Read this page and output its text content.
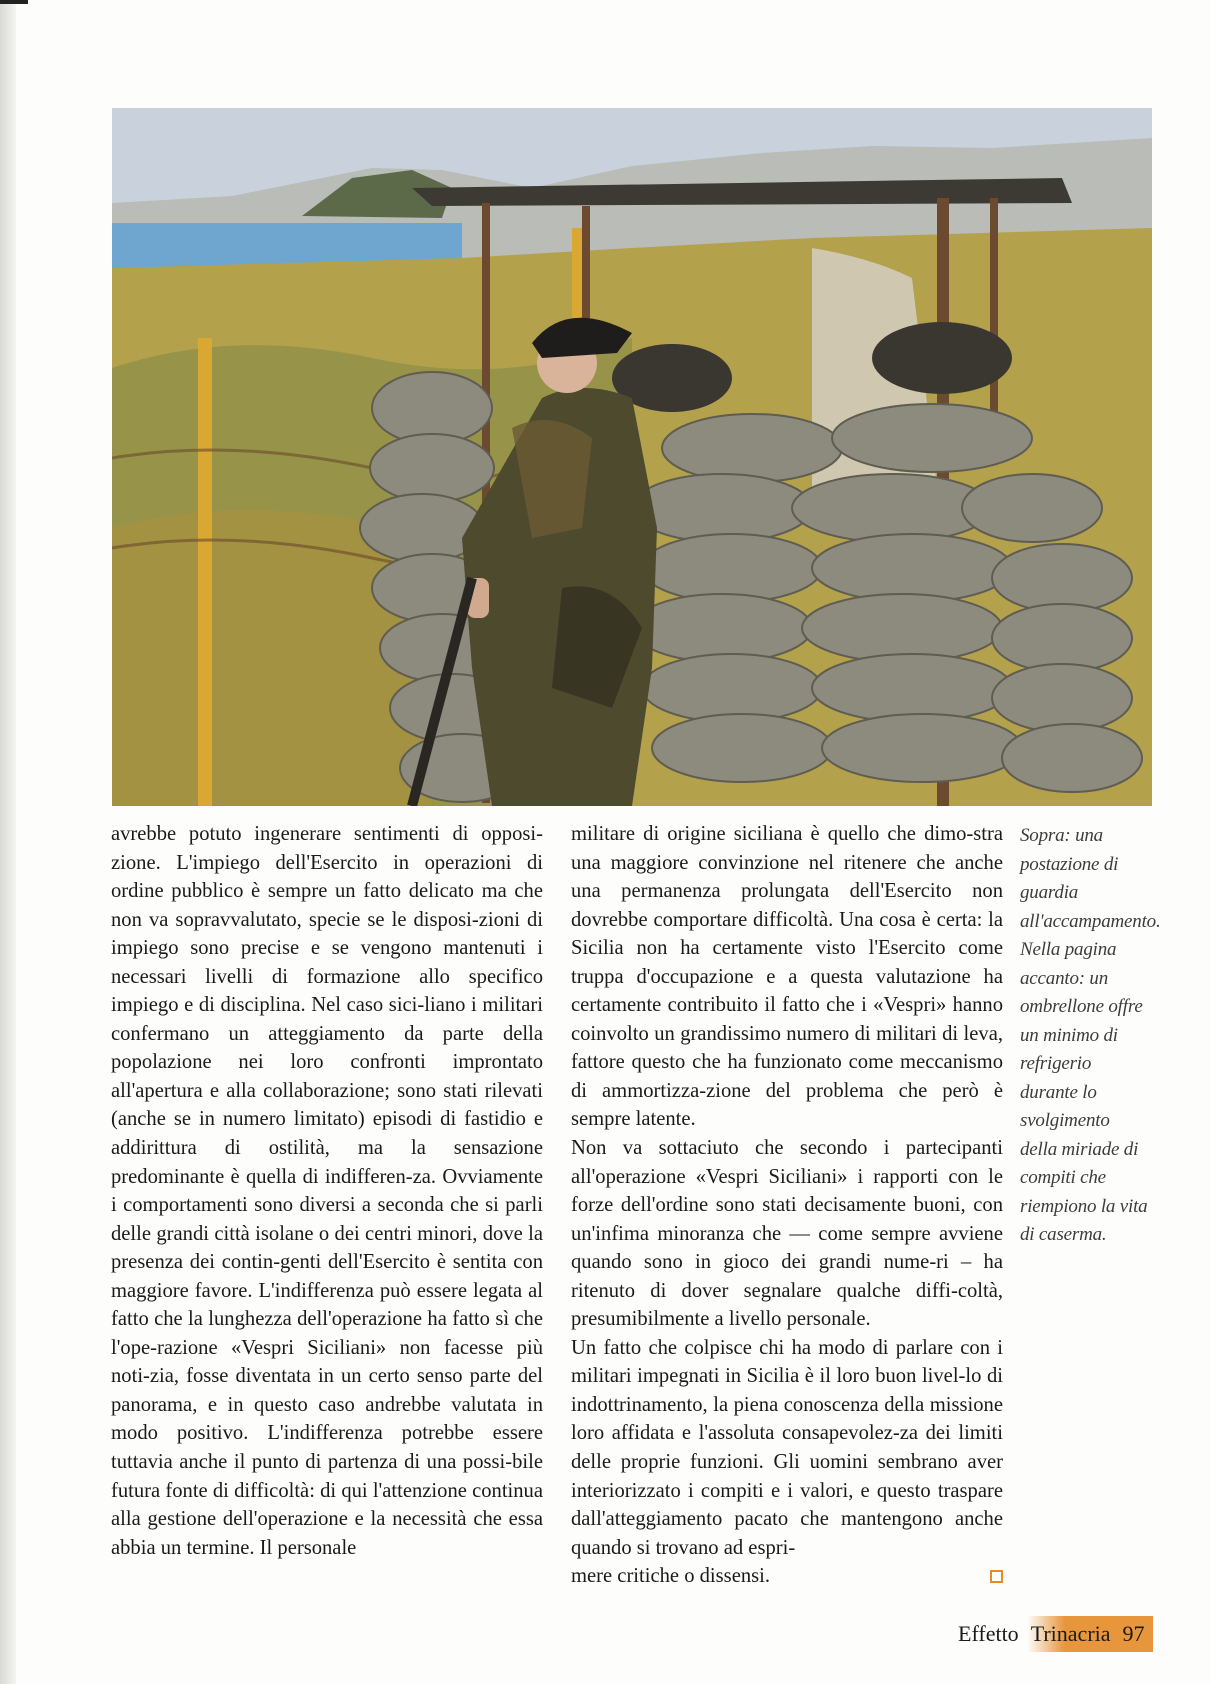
avrebbe potuto ingenerare sentimenti di opposi-zione. L'impiego dell'Esercito in operazioni di ordine pubblico è sempre un fatto delicato ma che non va sopravvalutato, specie se le disposi-zioni di impiego sono precise e se vengono mantenuti i necessari livelli di formazione allo specifico impiego e di disciplina. Nel caso sici-liano i militari confermano un atteggiamento da parte della popolazione nei loro confronti improntato all'apertura e alla collaborazione; sono stati rilevati (anche se in numero limitato) episodi di fastidio e addirittura di ostilità, ma la sensazione predominante è quella di indifferen-za. Ovviamente i comportamenti sono diversi a seconda che si parli delle grandi città isolane o dei centri minori, dove la presenza dei contin-genti dell'Esercito è sentita con maggiore favore. L'indifferenza può essere legata al fatto che la lunghezza dell'operazione ha fatto sì che l'ope-razione «Vespri Siciliani» non facesse più noti-zia, fosse diventata in un certo senso parte del panorama, e in questo caso andrebbe valutata in modo positivo. L'indifferenza potrebbe essere tuttavia anche il punto di partenza di una possi-bile futura fonte di difficoltà: di qui l'attenzione continua alla gestione dell'operazione e la necessità che essa abbia un termine. Il personale

militare di origine siciliana è quello che dimo-stra una maggiore convinzione nel ritenere che anche una permanenza prolungata dell'Esercito non dovrebbe comportare difficoltà. Una cosa è certa: la Sicilia non ha certamente visto l'Esercito come truppa d'occupazione e a questa valutazione ha certamente contribuito il fatto che i «Vespri» hanno coinvolto un grandissimo numero di militari di leva, fattore questo che ha funzionato come meccanismo di ammortizza-zione del problema che però è sempre latente.

Non va sottaciuto che secondo i partecipanti all'operazione «Vespri Siciliani» i rapporti con le forze dell'ordine sono stati decisamente buoni, con un'infima minoranza che — come sempre avviene quando sono in gioco dei grandi nume-ri – ha ritenuto di dover segnalare qualche diffi-coltà, presumibilmente a livello personale.

Un fatto che colpisce chi ha modo di parlare con i militari impegnati in Sicilia è il loro buon livel-lo di indottrinamento, la piena conoscenza della missione loro affidata e l'assoluta consapevolez-za dei limiti delle proprie funzioni. Gli uomini sembrano aver interiorizzato i compiti e i valori, e questo traspare dall'atteggiamento pacato che mantengono anche quando si trovano ad espri-

mere critiche o dissensi.
Sopra: una postazione di guardia all'accampamento. Nella pagina accanto: un ombrellone offre un minimo di refrigerio durante lo svolgimento della miriade di compiti che riempiono la vita di caserma.
Effetto Trinacria 97
